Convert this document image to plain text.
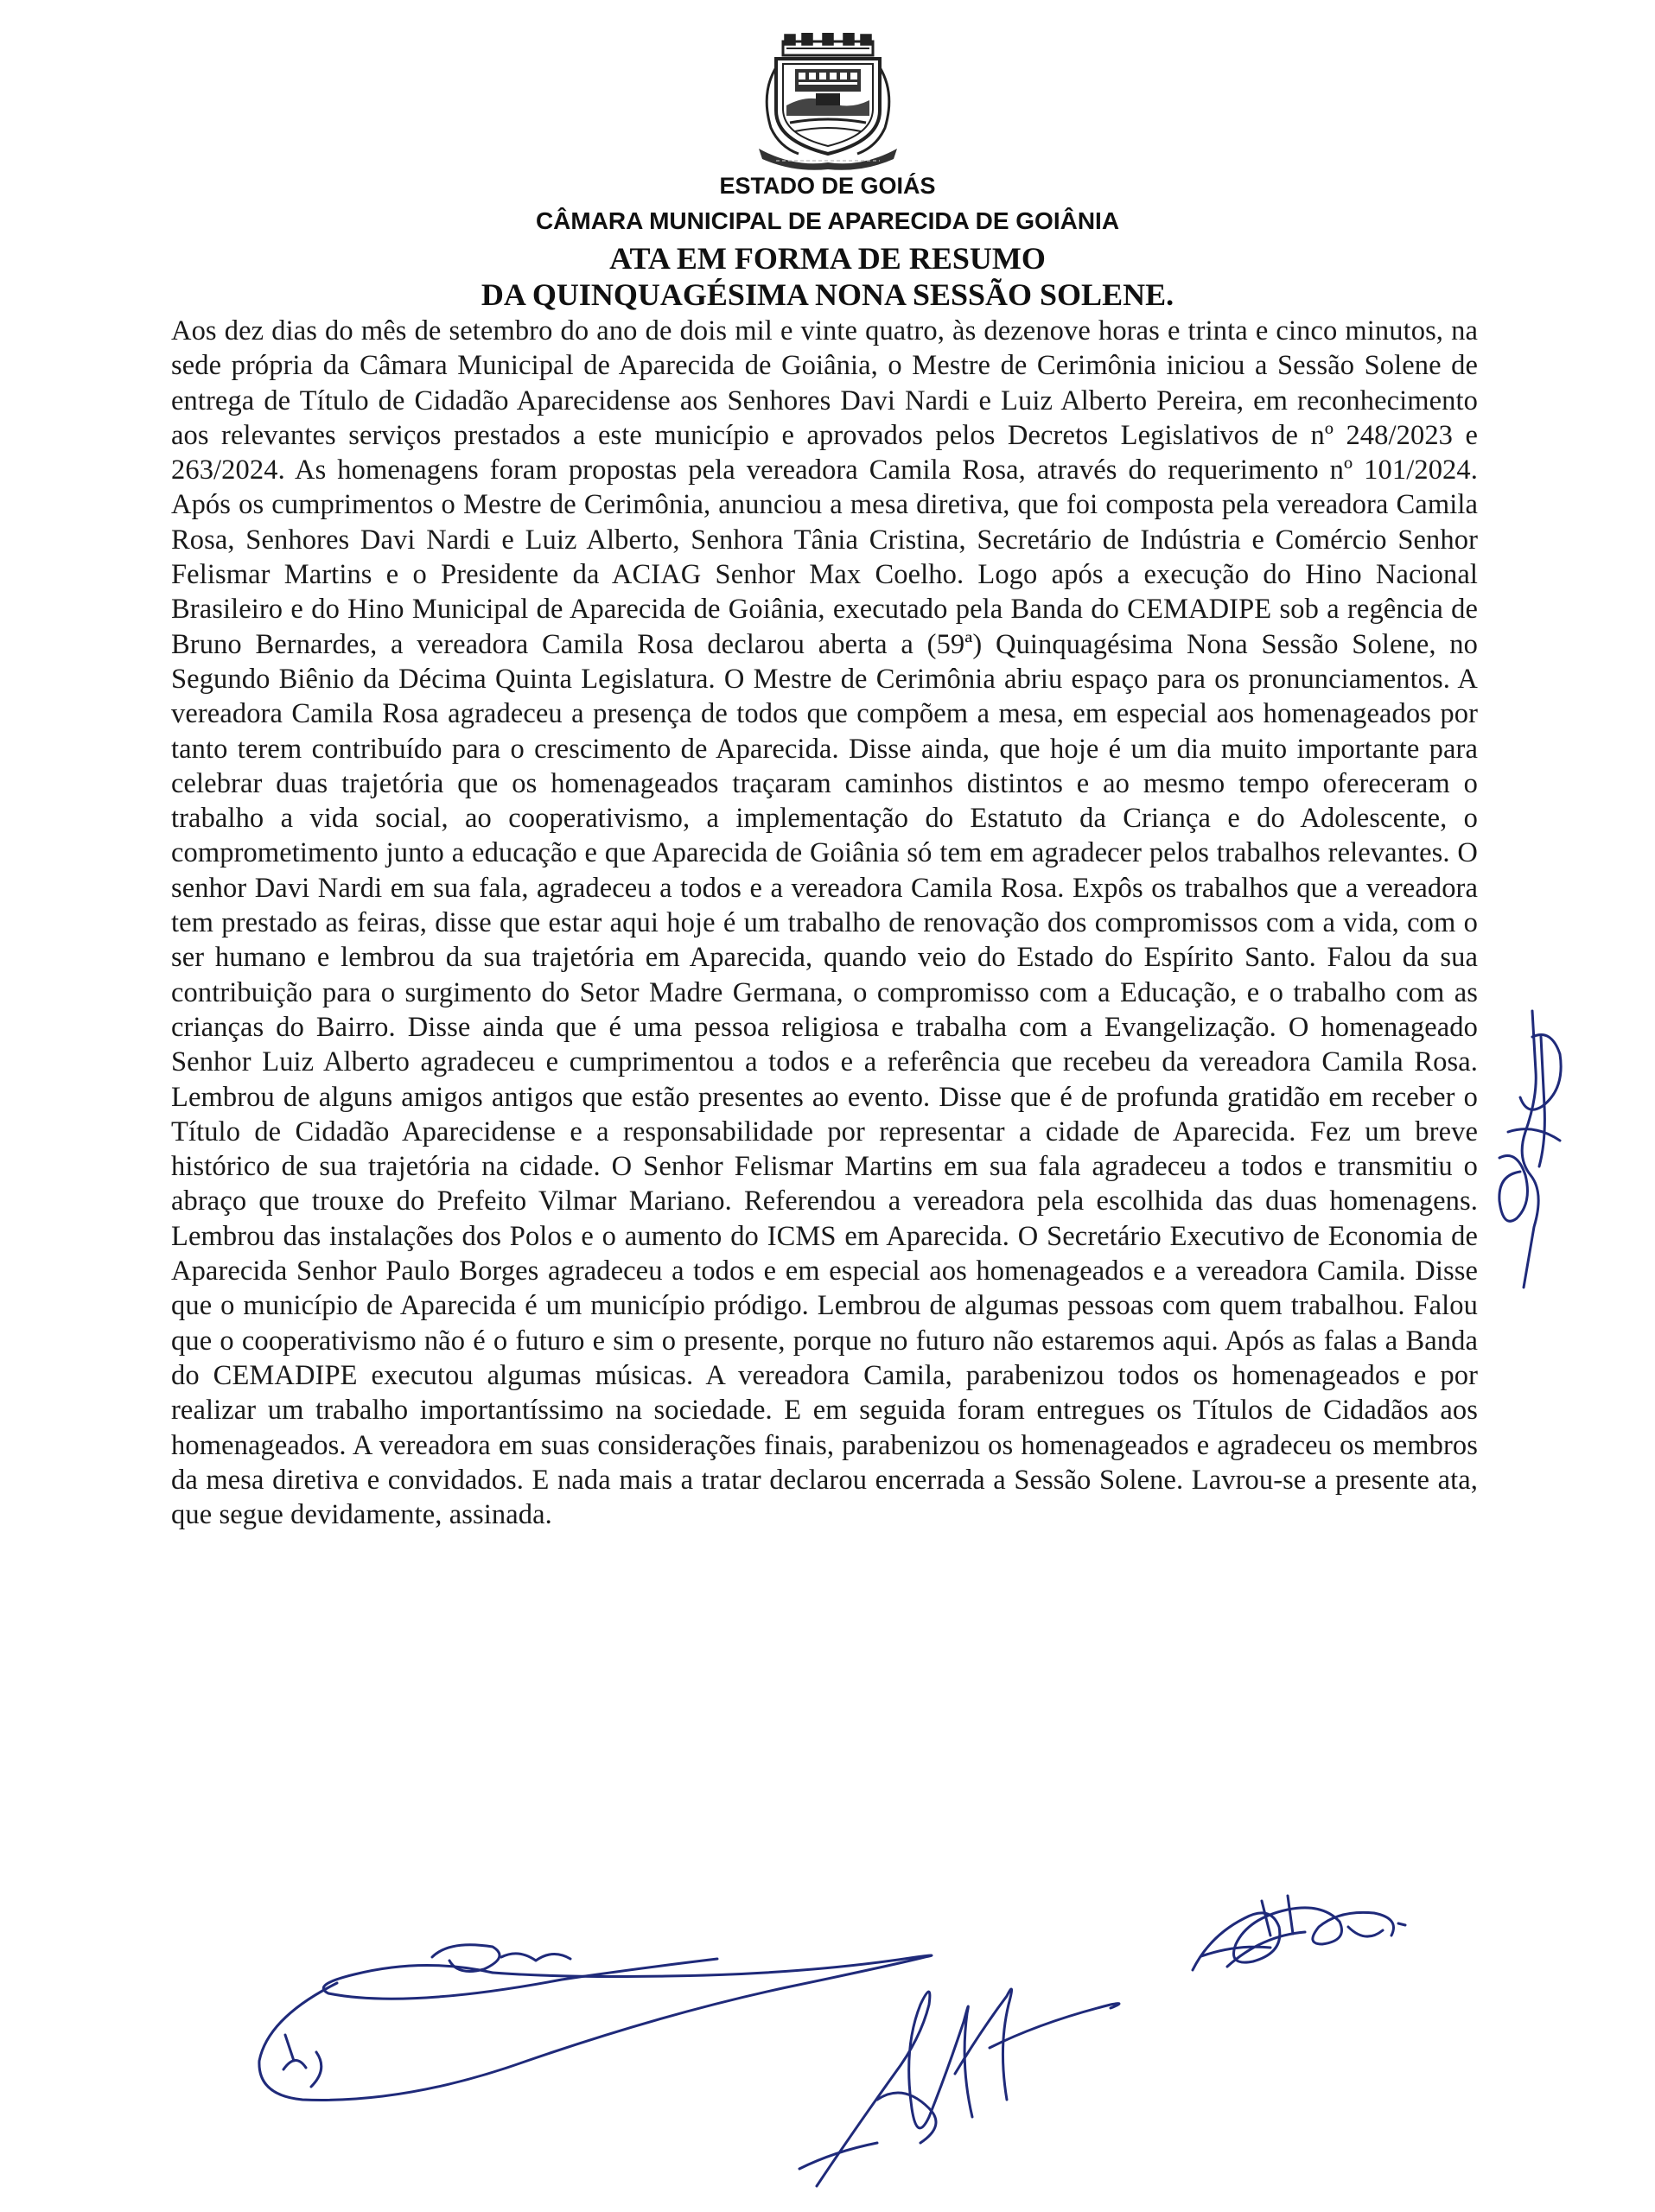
ESTADO DE GOIÁS
CÂMARA MUNICIPAL DE APARECIDA DE GOIÂNIA
ATA EM FORMA DE RESUMO
DA QUINQUAGÉSIMA NONA SESSÃO SOLENE.

Aos dez dias do mês de setembro do ano de dois mil e vinte quatro, às dezenove horas e trinta e cinco minutos, na sede própria da Câmara Municipal de Aparecida de Goiânia, o Mestre de Cerimônia iniciou a Sessão Solene de entrega de Título de Cidadão Aparecidense aos Senhores Davi Nardi e Luiz Alberto Pereira, em reconhecimento aos relevantes serviços prestados a este município e aprovados pelos Decretos Legislativos de nº 248/2023 e 263/2024. As homenagens foram propostas pela vereadora Camila Rosa, através do requerimento nº 101/2024. Após os cumprimentos o Mestre de Cerimônia, anunciou a mesa diretiva, que foi composta pela vereadora Camila Rosa, Senhores Davi Nardi e Luiz Alberto, Senhora Tânia Cristina, Secretário de Indústria e Comércio Senhor Felismar Martins e o Presidente da ACIAG Senhor Max Coelho. Logo após a execução do Hino Nacional Brasileiro e do Hino Municipal de Aparecida de Goiânia, executado pela Banda do CEMADIPE sob a regência de Bruno Bernardes, a vereadora Camila Rosa declarou aberta a (59ª) Quinquagésima Nona Sessão Solene, no Segundo Biênio da Décima Quinta Legislatura. O Mestre de Cerimônia abriu espaço para os pronunciamentos. A vereadora Camila Rosa agradeceu a presença de todos que compõem a mesa, em especial aos homenageados por tanto terem contribuído para o crescimento de Aparecida. Disse ainda, que hoje é um dia muito importante para celebrar duas trajetória que os homenageados traçaram caminhos distintos e ao mesmo tempo ofereceram o trabalho a vida social, ao cooperativismo, a implementação do Estatuto da Criança e do Adolescente, o comprometimento junto a educação e que Aparecida de Goiânia só tem em agradecer pelos trabalhos relevantes. O senhor Davi Nardi em sua fala, agradeceu a todos e a vereadora Camila Rosa. Expôs os trabalhos que a vereadora tem prestado as feiras, disse que estar aqui hoje é um trabalho de renovação dos compromissos com a vida, com o ser humano e lembrou da sua trajetória em Aparecida, quando veio do Estado do Espírito Santo. Falou da sua contribuição para o surgimento do Setor Madre Germana, o compromisso com a Educação, e o trabalho com as crianças do Bairro. Disse ainda que é uma pessoa religiosa e trabalha com a Evangelização. O homenageado Senhor Luiz Alberto agradeceu e cumprimentou a todos e a referência que recebeu da vereadora Camila Rosa. Lembrou de alguns amigos antigos que estão presentes ao evento. Disse que é de profunda gratidão em receber o Título de Cidadão Aparecidense e a responsabilidade por representar a cidade de Aparecida. Fez um breve histórico de sua trajetória na cidade. O Senhor Felismar Martins em sua fala agradeceu a todos e transmitiu o abraço que trouxe do Prefeito Vilmar Mariano. Referendou a vereadora pela escolhida das duas homenagens. Lembrou das instalações dos Polos e o aumento do ICMS em Aparecida. O Secretário Executivo de Economia de Aparecida Senhor Paulo Borges agradeceu a todos e em especial aos homenageados e a vereadora Camila. Disse que o município de Aparecida é um município pródigo. Lembrou de algumas pessoas com quem trabalhou. Falou que o cooperativismo não é o futuro e sim o presente, porque no futuro não estaremos aqui. Após as falas a Banda do CEMADIPE executou algumas músicas. A vereadora Camila, parabenizou todos os homenageados e por realizar um trabalho importantíssimo na sociedade. E em seguida foram entregues os Títulos de Cidadãos aos homenageados. A vereadora em suas considerações finais, parabenizou os homenageados e agradeceu os membros da mesa diretiva e convidados. E nada mais a tratar declarou encerrada a Sessão Solene. Lavrou-se a presente ata, que segue devidamente, assinada.
